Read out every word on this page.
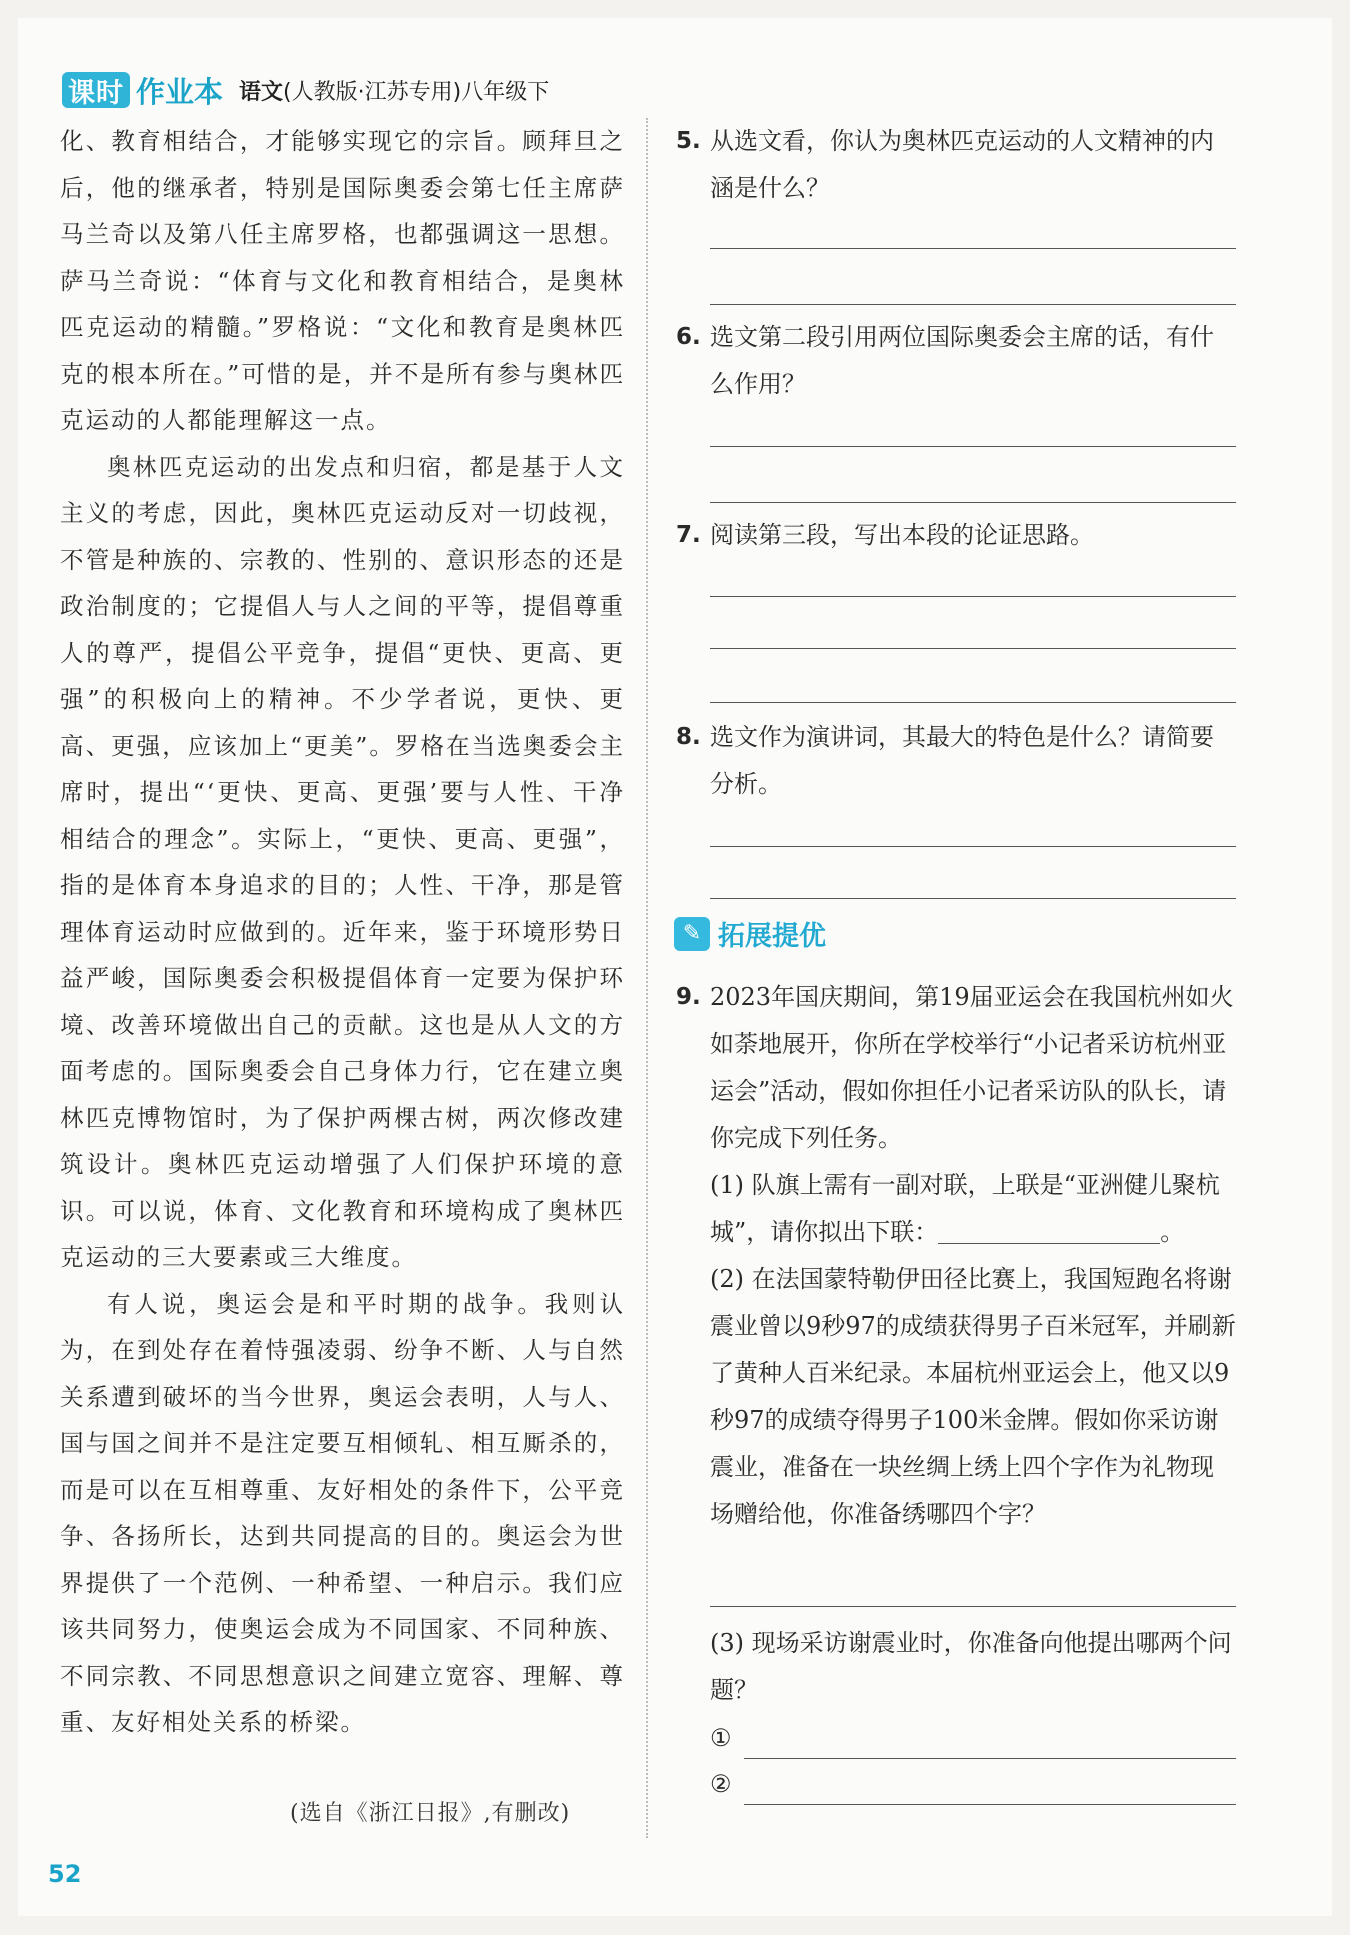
课时 作业本 语文(人教版·江苏专用)八年级下

化、教育相结合，才能够实现它的宗旨。顾拜旦之后，他的继承者，特别是国际奥委会第七任主席萨马兰奇以及第八任主席罗格，也都强调这一思想。萨马兰奇说：“体育与文化和教育相结合，是奥林匹克运动的精髓。”罗格说：“文化和教育是奥林匹克的根本所在。”可惜的是，并不是所有参与奥林匹克运动的人都能理解这一点。

奥林匹克运动的出发点和归宿，都是基于人文主义的考虑，因此，奥林匹克运动反对一切歧视，不管是种族的、宗教的、性别的、意识形态的还是政治制度的；它提倡人与人之间的平等，提倡尊重人的尊严，提倡公平竞争，提倡“更快、更高、更强”的积极向上的精神。不少学者说，更快、更高、更强，应该加上“更美”。罗格在当选奥委会主席时，提出“‘更快、更高、更强’要与人性、干净相结合的理念”。实际上，“更快、更高、更强”，指的是体育本身追求的目的；人性、干净，那是管理体育运动时应做到的。近年来，鉴于环境形势日益严峻，国际奥委会积极提倡体育一定要为保护环境、改善环境做出自己的贡献。这也是从人文的方面考虑的。国际奥委会自己身体力行，它在建立奥林匹克博物馆时，为了保护两棵古树，两次修改建筑设计。奥林匹克运动增强了人们保护环境的意识。可以说，体育、文化教育和环境构成了奥林匹克运动的三大要素或三大维度。

有人说，奥运会是和平时期的战争。我则认为，在到处存在着恃强凌弱、纷争不断、人与自然关系遭到破坏的当今世界，奥运会表明，人与人、国与国之间并不是注定要互相倾轧、相互厮杀的，而是可以在互相尊重、友好相处的条件下，公平竞争、各扬所长，达到共同提高的目的。奥运会为世界提供了一个范例、一种希望、一种启示。我们应该共同努力，使奥运会成为不同国家、不同种族、不同宗教、不同思想意识之间建立宽容、理解、尊重、友好相处关系的桥梁。

(选自《浙江日报》,有删改)
5. 从选文看，你认为奥林匹克运动的人文精神的内涵是什么？
6. 选文第二段引用两位国际奥委会主席的话，有什么作用？
7. 阅读第三段，写出本段的论证思路。
8. 选文作为演讲词，其最大的特色是什么？请简要分析。
9. 2023年国庆期间，第19届亚运会在我国杭州如火如荼地展开，你所在学校举行“小记者采访杭州亚运会”活动，假如你担任小记者采访队的队长，请你完成下列任务。
(1) 队旗上需有一副对联，上联是“亚洲健儿聚杭城”，请你拟出下联：	。
(2) 在法国蒙特勒伊田径比赛上，我国短跑名将谢震业曾以9秒97的成绩获得男子百米冠军，并刷新了黄种人百米纪录。本届杭州亚运会上，他又以9秒97的成绩夺得男子100米金牌。假如你采访谢震业，准备在一块丝绸上绣上四个字作为礼物现场赠给他，你准备绣哪四个字？
(3) 现场采访谢震业时，你准备向他提出哪两个问题？
①
②
✎ 拓展提优
52
